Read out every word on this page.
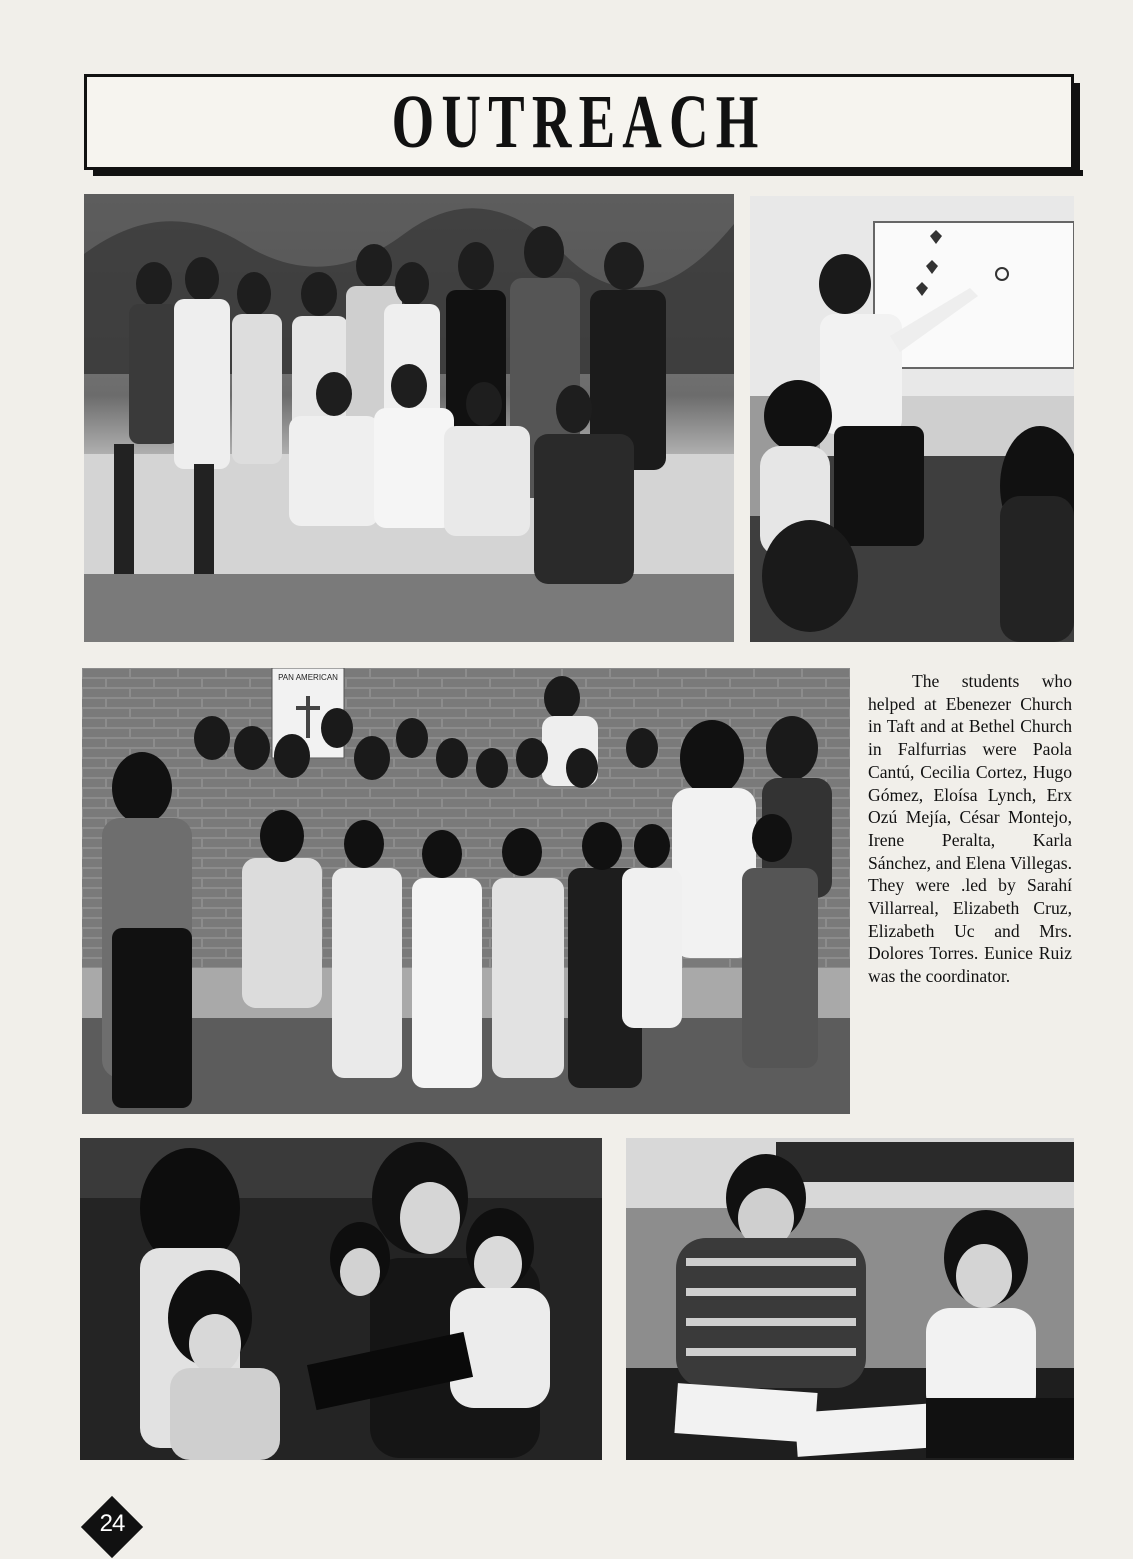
OUTREACH
PAN AMERICAN	The students who helped at Ebenezer Church in Taft and at Bethel Church in Falfurrias were Paola Cantú, Cecilia Cortez, Hugo Gómez, Eloísa Lynch, Erx Ozú Mejía, César Montejo, Irene Peralta, Karla Sánchez, and Elena Villegas. They were .led by Sarahí Villarreal, Elizabeth Cruz, Elizabeth Uc and Mrs. Dolores Torres. Eunice Ruiz was the coordinator.

24
